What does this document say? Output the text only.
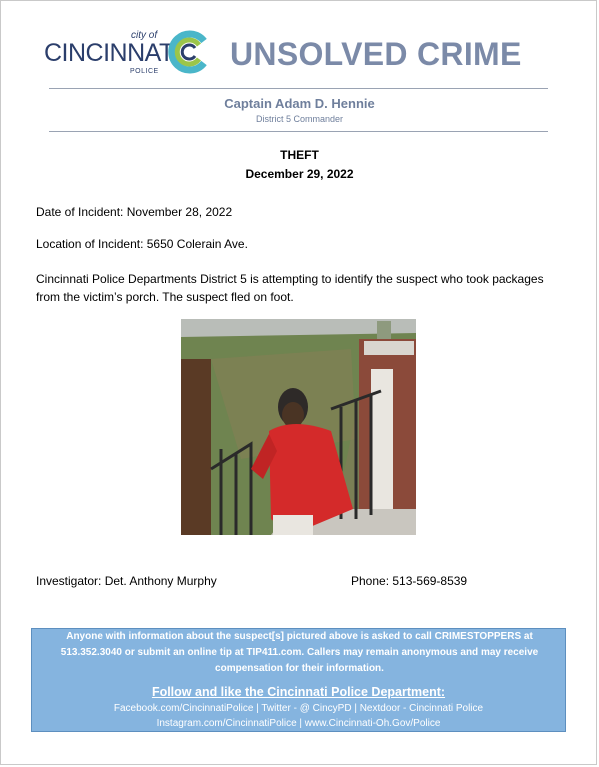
city of
CINCINNATI
POLICE UNSOLVED CRIME
Captain Adam D. Hennie
District 5 Commander
THEFT
December 29, 2022
Date of Incident: November 28, 2022
Location of Incident: 5650 Colerain Ave.
Cincinnati Police Departments District 5 is attempting to identify the suspect who took packages from the victim’s porch. The suspect fled on foot.
Investigator: Det. Anthony Murphy	Phone: 513-569-8539
Anyone with information about the suspect[s] pictured above is asked to call CRIMESTOPPERS at 513.352.3040 or submit an online tip at TIP411.com. Callers may remain anonymous and may receive compensation for their information.
Follow and like the Cincinnati Police Department:
Facebook.com/CincinnatiPolice | Twitter - @ CincyPD | Nextdoor - Cincinnati Police
Instagram.com/CincinnatiPolice | www.Cincinnati-Oh.Gov/Police
